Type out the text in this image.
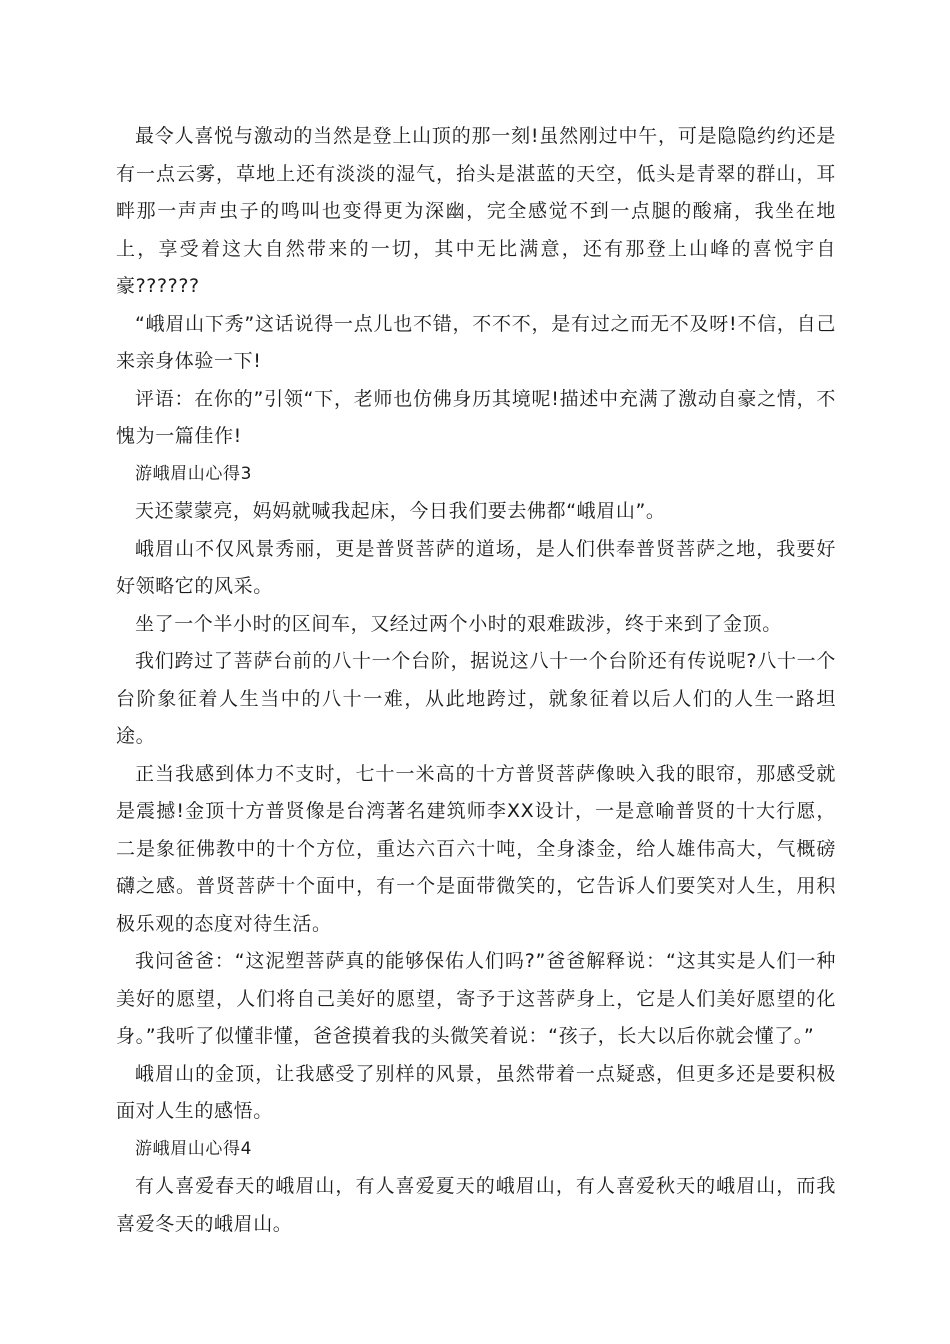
最令人喜悦与激动的当然是登上山顶的那一刻!虽然刚过中午，可是隐隐约约还是有一点云雾，草地上还有淡淡的湿气，抬头是湛蓝的天空，低头是青翠的群山，耳畔那一声声虫子的鸣叫也变得更为深幽，完全感觉不到一点腿的酸痛，我坐在地上，享受着这大自然带来的一切，其中无比满意，还有那登上山峰的喜悦宇自豪??????

“峨眉山下秀”这话说得一点儿也不错，不不不，是有过之而无不及呀!不信，自己来亲身体验一下!

评语：在你的”引领“下，老师也仿佛身历其境呢!描述中充满了激动自豪之情，不愧为一篇佳作!

游峨眉山心得3

天还蒙蒙亮，妈妈就喊我起床，今日我们要去佛都“峨眉山”。

峨眉山不仅风景秀丽，更是普贤菩萨的道场，是人们供奉普贤菩萨之地，我要好好领略它的风采。

坐了一个半小时的区间车，又经过两个小时的艰难跋涉，终于来到了金顶。

我们跨过了菩萨台前的八十一个台阶，据说这八十一个台阶还有传说呢?八十一个台阶象征着人生当中的八十一难，从此地跨过，就象征着以后人们的人生一路坦途。

正当我感到体力不支时，七十一米高的十方普贤菩萨像映入我的眼帘，那感受就是震撼!金顶十方普贤像是台湾著名建筑师李XX设计，一是意喻普贤的十大行愿，二是象征佛教中的十个方位，重达六百六十吨，全身漆金，给人雄伟高大，气概磅礴之感。普贤菩萨十个面中，有一个是面带微笑的，它告诉人们要笑对人生，用积极乐观的态度对待生活。

我问爸爸：“这泥塑菩萨真的能够保佑人们吗?”爸爸解释说：“这其实是人们一种美好的愿望，人们将自己美好的愿望，寄予于这菩萨身上，它是人们美好愿望的化身。”我听了似懂非懂，爸爸摸着我的头微笑着说：“孩子，长大以后你就会懂了。”

峨眉山的金顶，让我感受了别样的风景，虽然带着一点疑惑，但更多还是要积极面对人生的感悟。

游峨眉山心得4

有人喜爱春天的峨眉山，有人喜爱夏天的峨眉山，有人喜爱秋天的峨眉山，而我喜爱冬天的峨眉山。
